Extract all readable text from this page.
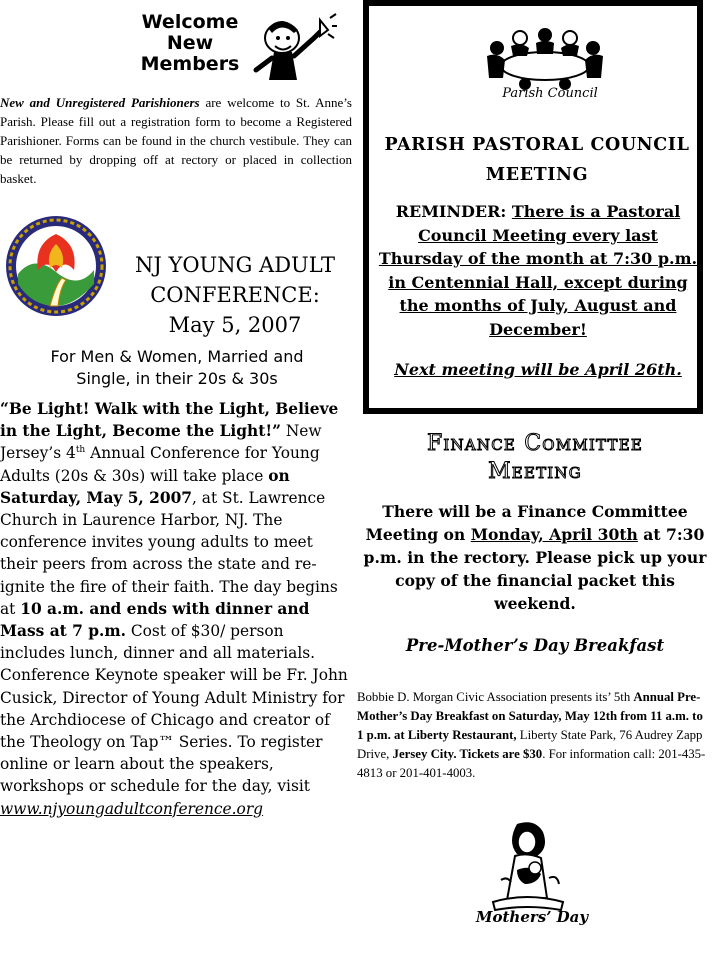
Welcome
New
Members
New and Unregistered Parishioners are welcome to St. Anne’s Parish. Please fill out a registration form to become a Registered Parishioner. Forms can be found in the church vestibule. They can be returned by dropping off at rectory or placed in collection basket.
NJ YOUNG ADULT
CONFERENCE:
May 5, 2007
For Men & Women, Married and
Single, in their 20s & 30s
“Be Light! Walk with the Light, Believe in the Light, Become the Light!” New Jersey’s 4th Annual Conference for Young Adults (20s & 30s) will take place on Saturday, May 5, 2007, at St. Lawrence Church in Laurence Harbor, NJ. The conference invites young adults to meet their peers from across the state and re-ignite the fire of their faith. The day begins at 10 a.m. and ends with dinner and Mass at 7 p.m. Cost of $30/ person includes lunch, dinner and all materials. Conference Keynote speaker will be Fr. John Cusick, Director of Young Adult Ministry for the Archdiocese of Chicago and creator of the Theology on Tap™ Series. To register online or learn about the speakers, workshops or schedule for the day, visit www.njyoungadultconference.org
Parish Council
PARISH PASTORAL COUNCIL
MEETING
REMINDER: There is a Pastoral Council Meeting every last Thursday of the month at 7:30 p.m. in Centennial Hall, except during the months of July, August and December!
Next meeting will be April 26th.
Finance Committee
Meeting
There will be a Finance Committee Meeting on Monday, April 30th at 7:30 p.m. in the rectory. Please pick up your copy of the financial packet this weekend.
Pre-Mother’s Day Breakfast
Bobbie D. Morgan Civic Association presents its’ 5th Annual Pre-Mother’s Day Breakfast on Saturday, May 12th from 11 a.m. to 1 p.m. at Liberty Restaurant, Liberty State Park, 76 Audrey Zapp Drive, Jersey City. Tickets are $30. For information call: 201-435-4813 or 201-401-4003.
Mothers’ Day
